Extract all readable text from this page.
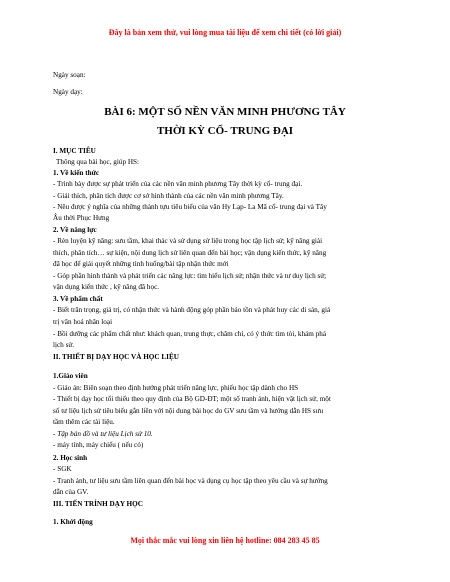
Đây là bản xem thử, vui lòng mua tài liệu để xem chi tiết (có lời giải)
Ngày soạn:
Ngày dạy:
BÀI 6: MỘT SỐ NỀN VĂN MINH PHƯƠNG TÂY
THỜI KỲ CỔ- TRUNG ĐẠI
I. MỤC TIÊU
Thông qua bài học, giúp HS:
1. Về kiến thức
- Trình bày được sự phát triển của các nền văn minh phương Tây thời kỳ cổ- trung đại.
- Giải thích, phân tích được cơ sở hình thành của các nền văn minh phương Tây.
- Nêu được ý nghĩa của những thành tựu tiêu biểu của văn Hy Lạp- La Mã cổ- trung đại và Tây
Âu thời Phục Hưng
2. Về năng lực
- Rèn luyện kỹ năng: sưu tầm, khai thác và sử dụng sử liệu trong học tập lịch sử; kỹ năng giải
thích, phân tích… sự kiện, nội dung lịch sử liên quan đến bài học; vận dụng kiến thức, kỹ năng
đã học để giải quyết những tình huống/bài tập nhận thức mới
- Góp phần hình thành và phát triển các năng lực: tìm hiểu lịch sử; nhận thức và tư duy lịch sử;
vận dụng kiến thức , kỹ năng đã học.
3. Về phẩm chất
- Biết trân trọng, giá trị, có nhận thức và hành động góp phần bảo tồn và phát huy các di sản, giá
trị văn hoá nhân loại
- Bồi dưỡng các phẩm chất như: khách quan, trung thực, chăm chỉ, có ý thức tìm tòi, khám phá
lịch sử.
II. THIẾT BỊ DẠY HỌC VÀ HỌC LIỆU
1.Giáo viên
- Giáo án: Biên soạn theo định hướng phát triển năng lực, phiếu học tập dành cho HS
- Thiết bị dạy học tối thiểu theo quy định của Bộ GD-ĐT; một số tranh ảnh, hiện vật lịch sử, một
số tư liệu lịch sử tiêu biểu gắn liền với nội dung bài học do GV sưu tầm và hướng dẫn HS sưu
tầm thêm các tài liệu.
- Tập bản đồ và tư liệu Lịch sử 10.
- máy tính, máy chiếu ( nếu có)
2. Học sinh
- SGK
- Tranh ảnh, tư liệu sưu tầm liên quan đến bài học và dụng cụ học tập theo yêu cầu và sự hướng
dẫn của GV.
III. TIẾN TRÌNH DẠY HỌC
1. Khởi động
Mọi thắc mắc vui lòng xin liên hệ hotline: 084 283 45 85
